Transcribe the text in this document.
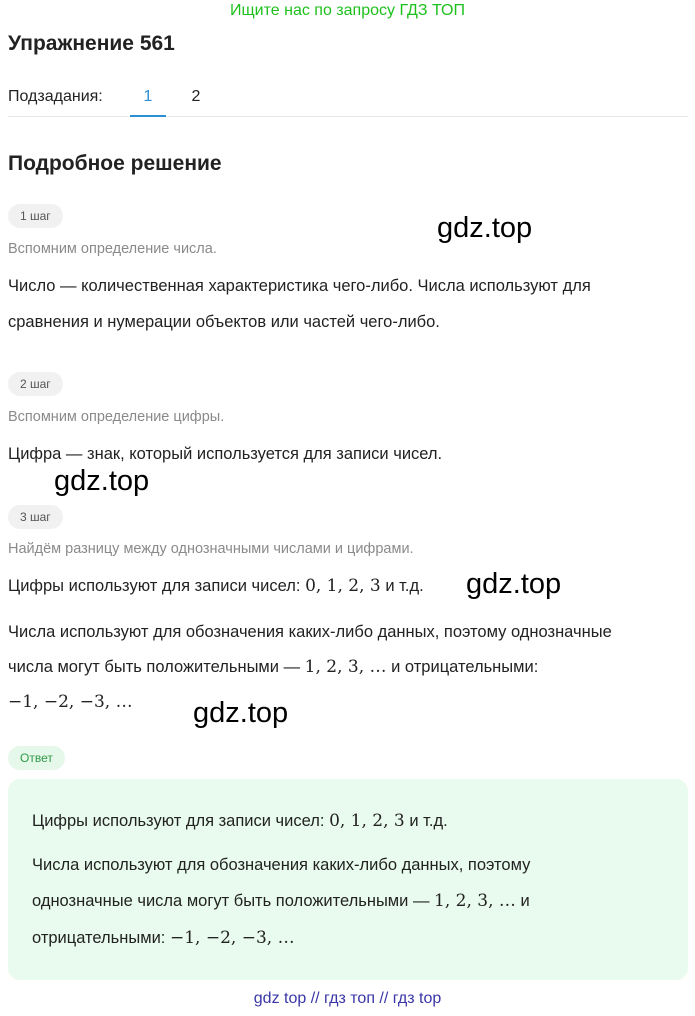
Ищите нас по запросу ГДЗ ТОП
Упражнение 561
Подзадания:	1	2
Подробное решение
1 шаг
Вспомним определение числа.
Число — количественная характеристика чего-либо. Числа используют для
сравнения и нумерации объектов или частей чего-либо.
2 шаг
Вспомним определение цифры.
Цифра — знак, который используется для записи чисел.
3 шаг
Найдём разницу между однозначными числами и цифрами.
Цифры используют для записи чисел: 0, 1, 2, 3 и т.д.
Числа используют для обозначения каких-либо данных, поэтому однозначные
числа могут быть положительными — 1, 2, 3, … и отрицательными:
−1, −2, −3, …
Ответ
Цифры используют для записи чисел: 0, 1, 2, 3 и т.д.
Числа используют для обозначения каких-либо данных, поэтому
однозначные числа могут быть положительными — 1, 2, 3, … и
отрицательными: −1, −2, −3, …
gdz.top
gdz.top
gdz.top
gdz.top
gdz top // гдз топ // гдз top
